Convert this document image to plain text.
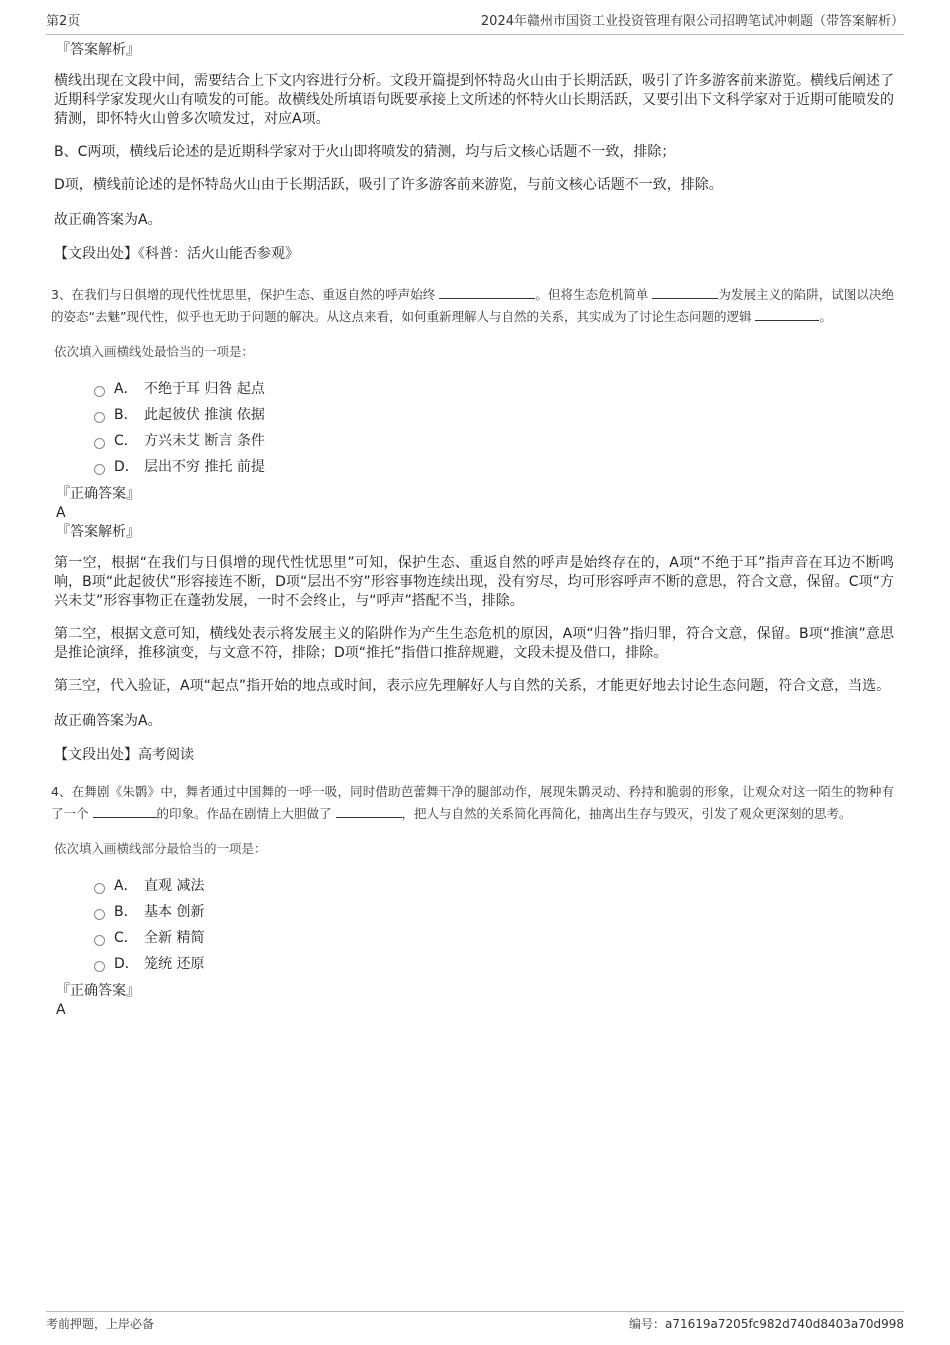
第2页	2024年赣州市国资工业投资管理有限公司招聘笔试冲刺题（带答案解析）
『答案解析』
横线出现在文段中间，需要结合上下文内容进行分析。文段开篇提到怀特岛火山由于长期活跃，吸引了许多游客前来游览。横线后阐述了近期科学家发现火山有喷发的可能。故横线处所填语句既要承接上文所述的怀特火山长期活跃，又要引出下文科学家对于近期可能喷发的猜测，即怀特火山曾多次喷发过，对应A项。
B、C两项，横线后论述的是近期科学家对于火山即将喷发的猜测，均与后文核心话题不一致，排除；
D项，横线前论述的是怀特岛火山由于长期活跃，吸引了许多游客前来游览，与前文核心话题不一致，排除。
故正确答案为A。
【文段出处】《科普：活火山能否参观》
3、在我们与日俱增的现代性忧思里，保护生态、重返自然的呼声始终	。但将生态危机简单	为发展主义的陷阱，试图以决绝的姿态“去魅”现代性，似乎也无助于问题的解决。从这点来看，如何重新理解人与自然的关系，其实成为了讨论生态问题的逻辑	。
依次填入画横线处最恰当的一项是：
A． 不绝于耳 归咎 起点
B． 此起彼伏 推演 依据
C． 方兴未艾 断言 条件
D． 层出不穷 推托 前提
『正确答案』
A
『答案解析』
第一空，根据“在我们与日俱增的现代性忧思里”可知，保护生态、重返自然的呼声是始终存在的，A项“不绝于耳”指声音在耳边不断鸣响，B项“此起彼伏”形容接连不断，D项“层出不穷”形容事物连续出现，没有穷尽，均可形容呼声不断的意思，符合文意，保留。C项“方兴未艾”形容事物正在蓬勃发展，一时不会终止，与“呼声”搭配不当，排除。
第二空，根据文意可知，横线处表示将发展主义的陷阱作为产生生态危机的原因，A项“归咎”指归罪，符合文意，保留。B项“推演”意思是推论演绎，推移演变，与文意不符，排除；D项“推托”指借口推辞规避，文段未提及借口，排除。
第三空，代入验证，A项“起点”指开始的地点或时间，表示应先理解好人与自然的关系，才能更好地去讨论生态问题，符合文意，当选。
故正确答案为A。
【文段出处】高考阅读
4、在舞剧《朱鹮》中，舞者通过中国舞的一呼一吸，同时借助芭蕾舞干净的腿部动作，展现朱鹮灵动、矜持和脆弱的形象，让观众对这一陌生的物种有了一个	的印象。作品在剧情上大胆做了	，把人与自然的关系简化再简化，抽离出生存与毁灭，引发了观众更深刻的思考。
依次填入画横线部分最恰当的一项是：
A． 直观 减法
B． 基本 创新
C． 全新 精简
D． 笼统 还原
『正确答案』
A
考前押题，上岸必备	编号：a71619a7205fc982d740d8403a70d998
